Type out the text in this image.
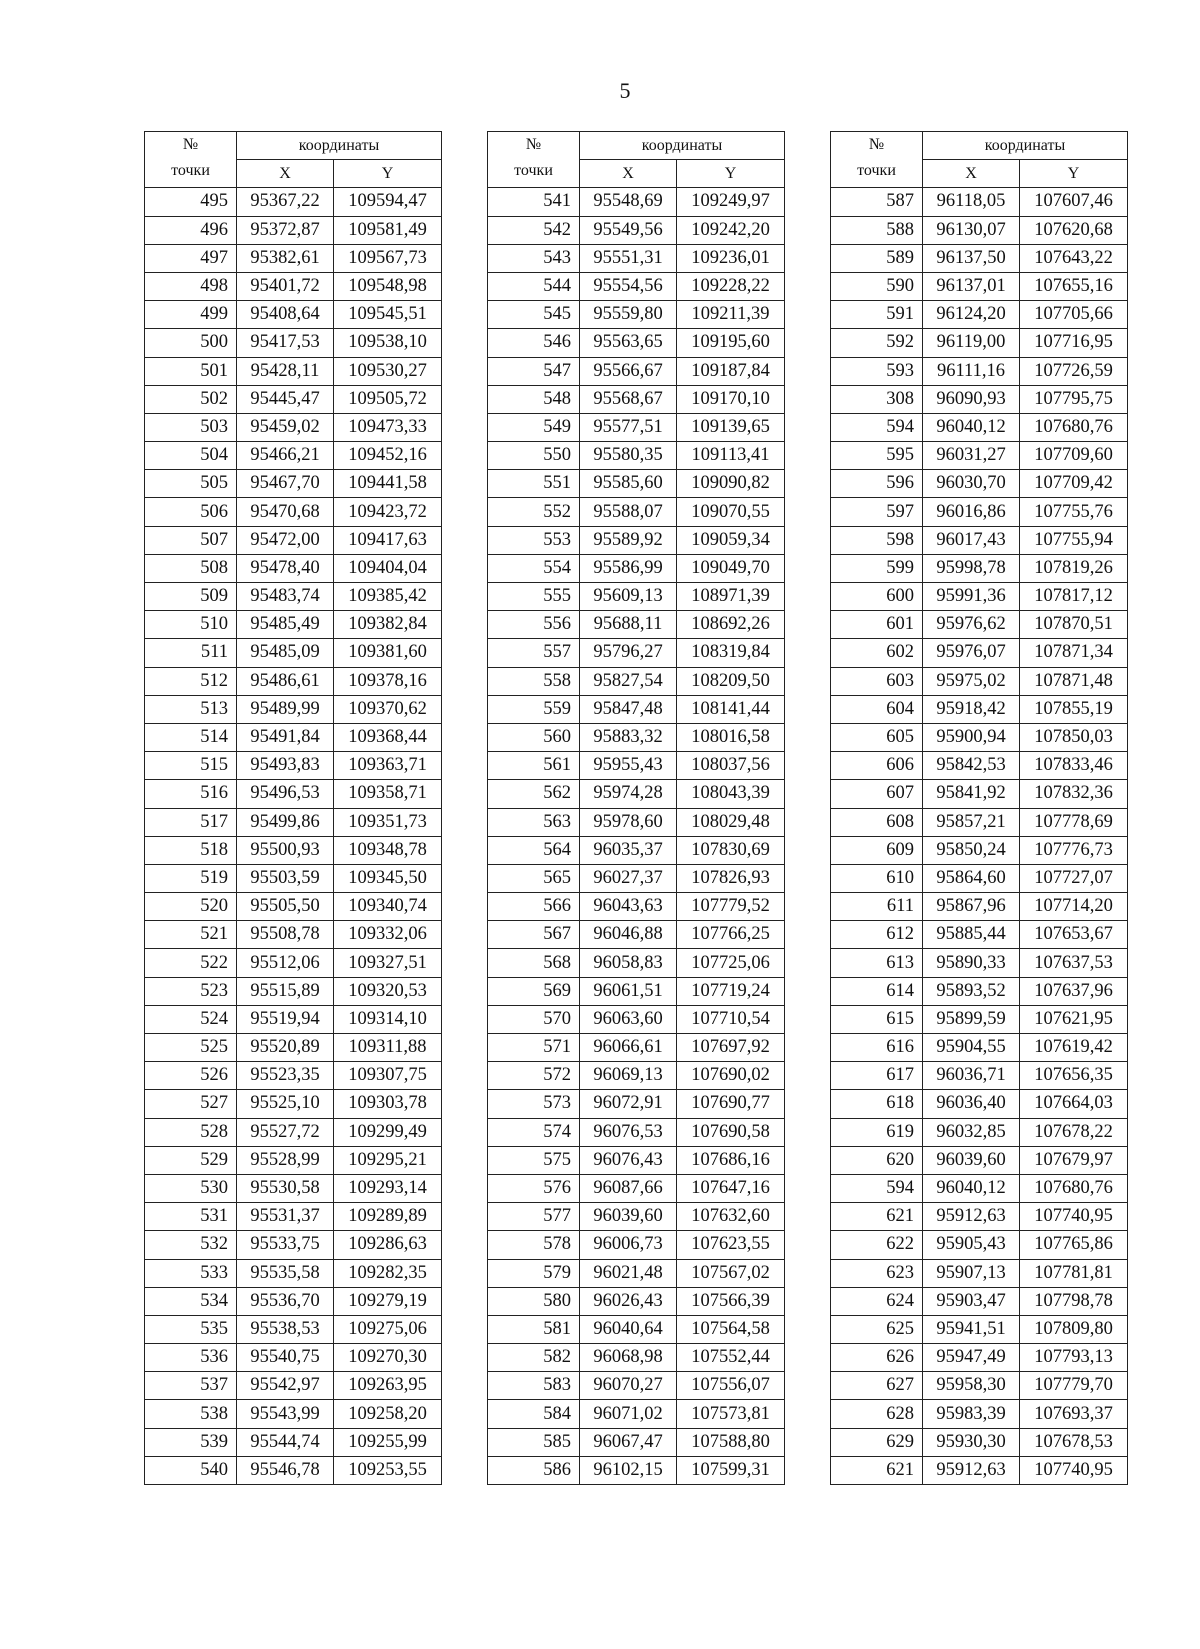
5
№
точки	координаты	
	X	Y
495	95367,22	109594,47
496	95372,87	109581,49
497	95382,61	109567,73
498	95401,72	109548,98
499	95408,64	109545,51
500	95417,53	109538,10
501	95428,11	109530,27
502	95445,47	109505,72
503	95459,02	109473,33
504	95466,21	109452,16
505	95467,70	109441,58
506	95470,68	109423,72
507	95472,00	109417,63
508	95478,40	109404,04
509	95483,74	109385,42
510	95485,49	109382,84
511	95485,09	109381,60
512	95486,61	109378,16
513	95489,99	109370,62
514	95491,84	109368,44
515	95493,83	109363,71
516	95496,53	109358,71
517	95499,86	109351,73
518	95500,93	109348,78
519	95503,59	109345,50
520	95505,50	109340,74
521	95508,78	109332,06
522	95512,06	109327,51
523	95515,89	109320,53
524	95519,94	109314,10
525	95520,89	109311,88
526	95523,35	109307,75
527	95525,10	109303,78
528	95527,72	109299,49
529	95528,99	109295,21
530	95530,58	109293,14
531	95531,37	109289,89
532	95533,75	109286,63
533	95535,58	109282,35
534	95536,70	109279,19
535	95538,53	109275,06
536	95540,75	109270,30
537	95542,97	109263,95
538	95543,99	109258,20
539	95544,74	109255,99
540	95546,78	109253,55
№
точки	координаты	
	X	Y
541	95548,69	109249,97
542	95549,56	109242,20
543	95551,31	109236,01
544	95554,56	109228,22
545	95559,80	109211,39
546	95563,65	109195,60
547	95566,67	109187,84
548	95568,67	109170,10
549	95577,51	109139,65
550	95580,35	109113,41
551	95585,60	109090,82
552	95588,07	109070,55
553	95589,92	109059,34
554	95586,99	109049,70
555	95609,13	108971,39
556	95688,11	108692,26
557	95796,27	108319,84
558	95827,54	108209,50
559	95847,48	108141,44
560	95883,32	108016,58
561	95955,43	108037,56
562	95974,28	108043,39
563	95978,60	108029,48
564	96035,37	107830,69
565	96027,37	107826,93
566	96043,63	107779,52
567	96046,88	107766,25
568	96058,83	107725,06
569	96061,51	107719,24
570	96063,60	107710,54
571	96066,61	107697,92
572	96069,13	107690,02
573	96072,91	107690,77
574	96076,53	107690,58
575	96076,43	107686,16
576	96087,66	107647,16
577	96039,60	107632,60
578	96006,73	107623,55
579	96021,48	107567,02
580	96026,43	107566,39
581	96040,64	107564,58
582	96068,98	107552,44
583	96070,27	107556,07
584	96071,02	107573,81
585	96067,47	107588,80
586	96102,15	107599,31
№
точки	координаты	
	X	Y
587	96118,05	107607,46
588	96130,07	107620,68
589	96137,50	107643,22
590	96137,01	107655,16
591	96124,20	107705,66
592	96119,00	107716,95
593	96111,16	107726,59
308	96090,93	107795,75
594	96040,12	107680,76
595	96031,27	107709,60
596	96030,70	107709,42
597	96016,86	107755,76
598	96017,43	107755,94
599	95998,78	107819,26
600	95991,36	107817,12
601	95976,62	107870,51
602	95976,07	107871,34
603	95975,02	107871,48
604	95918,42	107855,19
605	95900,94	107850,03
606	95842,53	107833,46
607	95841,92	107832,36
608	95857,21	107778,69
609	95850,24	107776,73
610	95864,60	107727,07
611	95867,96	107714,20
612	95885,44	107653,67
613	95890,33	107637,53
614	95893,52	107637,96
615	95899,59	107621,95
616	95904,55	107619,42
617	96036,71	107656,35
618	96036,40	107664,03
619	96032,85	107678,22
620	96039,60	107679,97
594	96040,12	107680,76
621	95912,63	107740,95
622	95905,43	107765,86
623	95907,13	107781,81
624	95903,47	107798,78
625	95941,51	107809,80
626	95947,49	107793,13
627	95958,30	107779,70
628	95983,39	107693,37
629	95930,30	107678,53
621	95912,63	107740,95
